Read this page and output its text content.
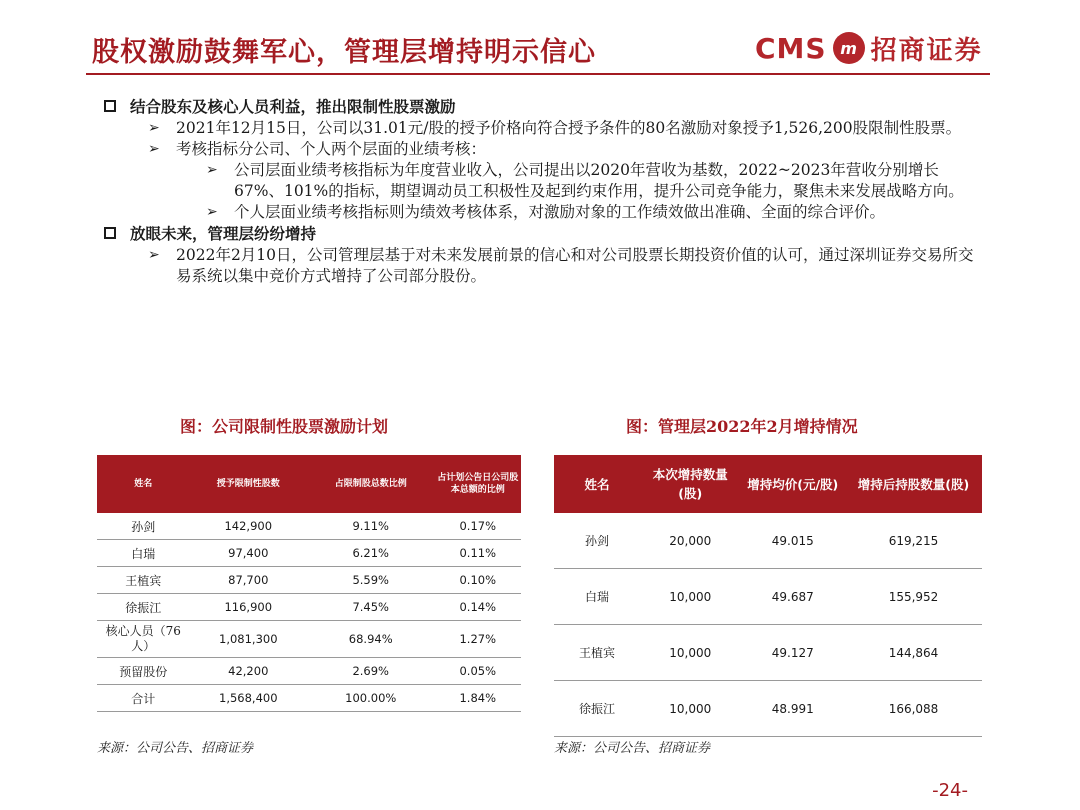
股权激励鼓舞军心，管理层增持明示信心	CMS m 招商证券
结合股东及核心人员利益，推出限制性股票激励
➢	2021年12月15日，公司以31.01元/股的授予价格向符合授予条件的80名激励对象授予1,526,200股限制性股票。
➢	考核指标分公司、个人两个层面的业绩考核：
➢	公司层面业绩考核指标为年度营业收入，公司提出以2020年营收为基数，2022~2023年营收分别增长67%、101%的指标，期望调动员工积极性及起到约束作用，提升公司竞争能力，聚焦未来发展战略方向。
➢	个人层面业绩考核指标则为绩效考核体系，对激励对象的工作绩效做出准确、全面的综合评价。
放眼未来，管理层纷纷增持
➢	2022年2月10日，公司管理层基于对未来发展前景的信心和对公司股票长期投资价值的认可，通过深圳证券交易所交易系统以集中竞价方式增持了公司部分股份。
图：公司限制性股票激励计划	图：管理层2022年2月增持情况
姓名	授予限制性股数	占限制股总数比例	占计划公告日公司股本总额的比例
孙剑	142,900	9.11%	0.17%
白瑞	97,400	6.21%	0.11%
王植宾	87,700	5.59%	0.10%
徐振江	116,900	7.45%	0.14%
核心人员（76人）	1,081,300	68.94%	1.27%
预留股份	42,200	2.69%	0.05%
合计	1,568,400	100.00%	1.84%
姓名	本次增持数量(股)	增持均价(元/股)	增持后持股数量(股)
孙剑	20,000	49.015	619,215
白瑞	10,000	49.687	155,952
王植宾	10,000	49.127	144,864
徐振江	10,000	48.991	166,088
来源：公司公告、招商证券	来源：公司公告、招商证券
-24-
